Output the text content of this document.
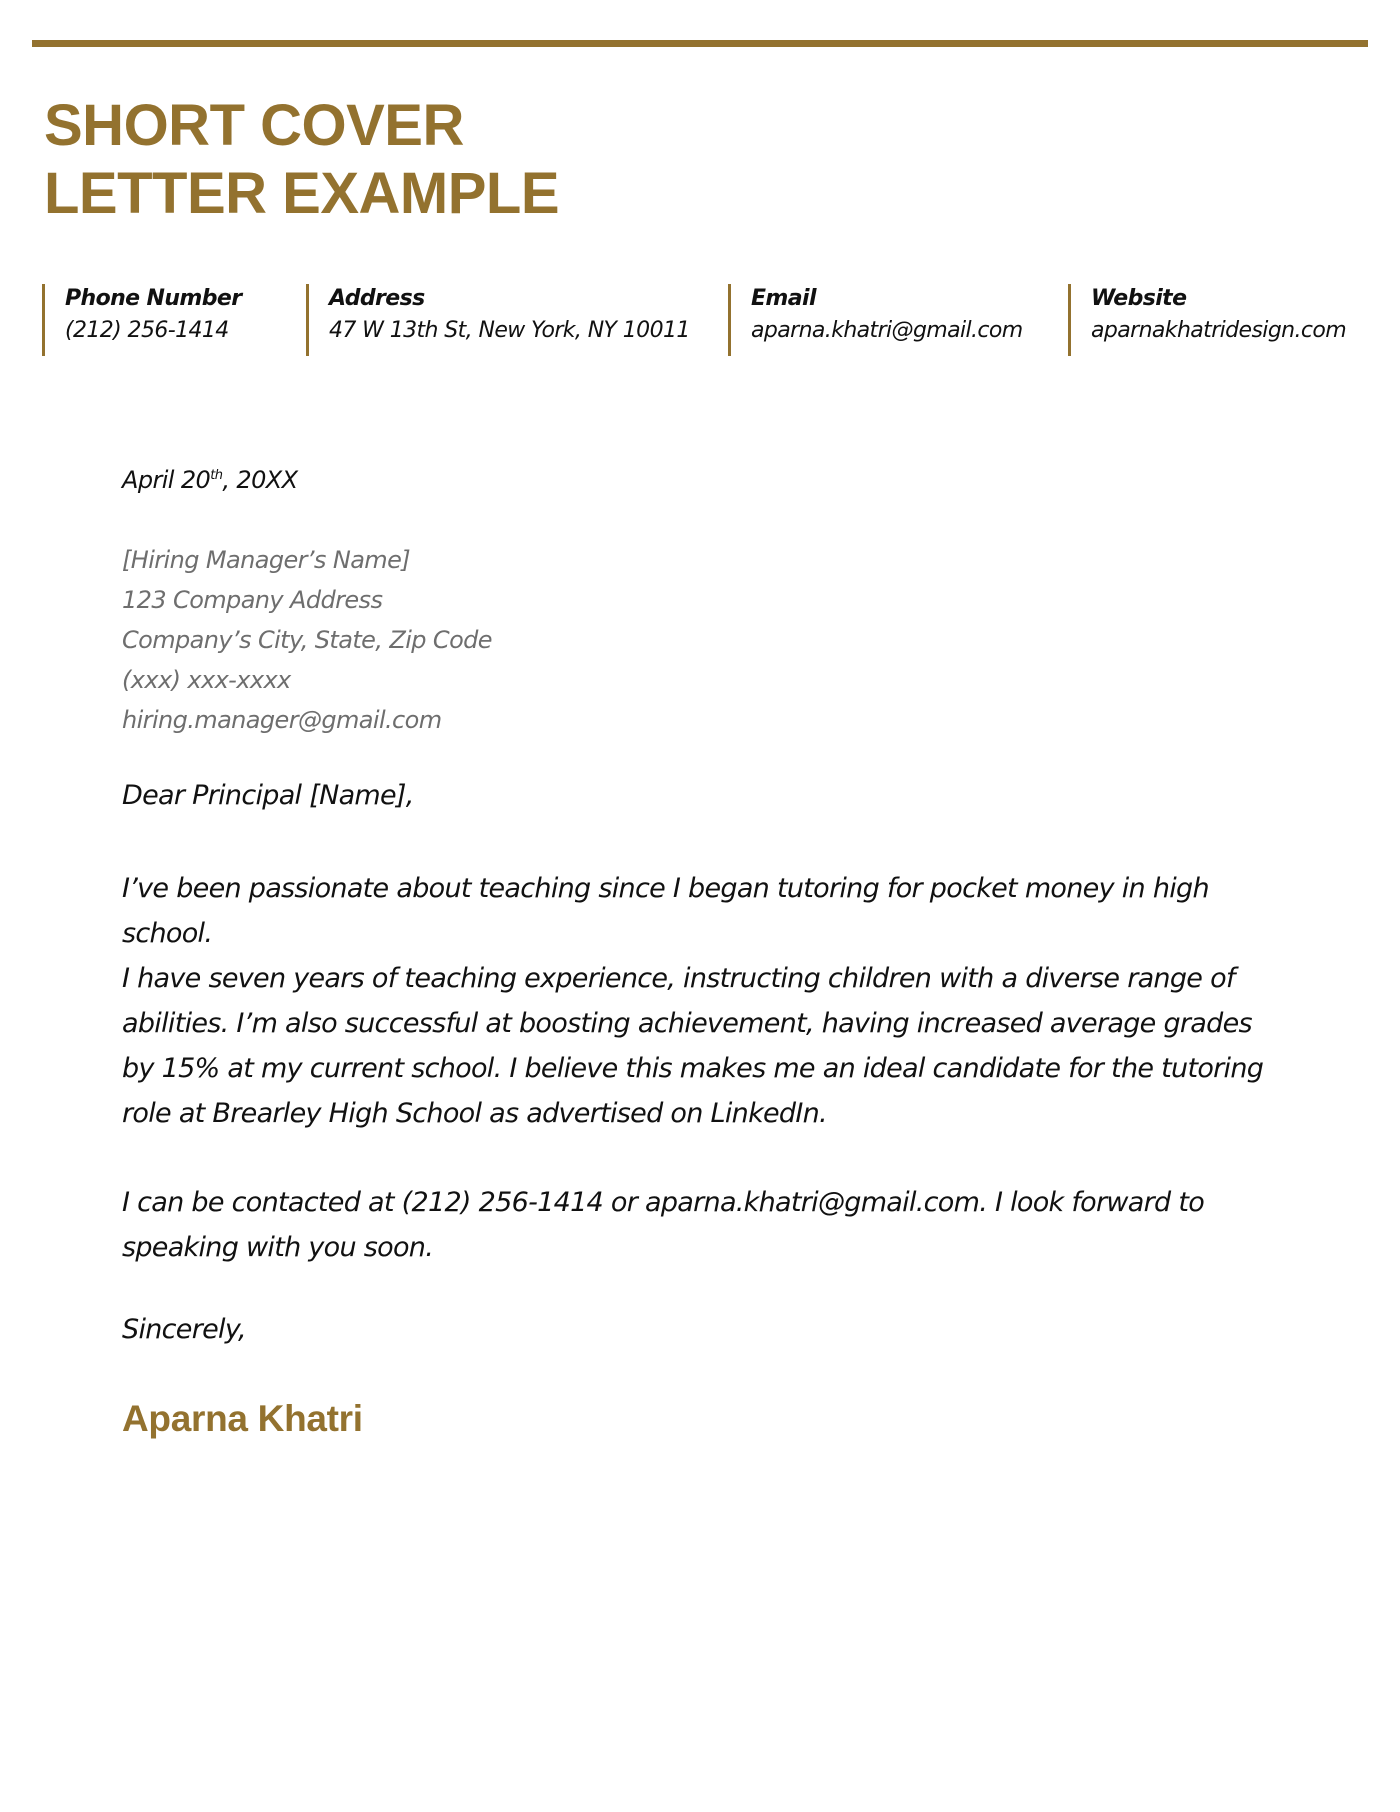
SHORT COVER
LETTER EXAMPLE
Phone Number
(212) 256-1414
Address
47 W 13th St, New York, NY 10011
Email
aparna.khatri@gmail.com
Website
aparnakhatridesign.com
April 20th, 20XX
[Hiring Manager’s Name]
123 Company Address
Company’s City, State, Zip Code
(xxx) xxx-xxxx
hiring.manager@gmail.com
Dear Principal [Name],

I’ve been passionate about teaching since I began tutoring for pocket money in high school.

I have seven years of teaching experience, instructing children with a diverse range of abilities. I’m also successful at boosting achievement, having increased average grades by 15% at my current school. I believe this makes me an ideal candidate for the tutoring role at Brearley High School as advertised on LinkedIn.

I can be contacted at (212) 256-1414 or aparna.khatri@gmail.com. I look forward to speaking with you soon.

Sincerely,
Aparna Khatri
